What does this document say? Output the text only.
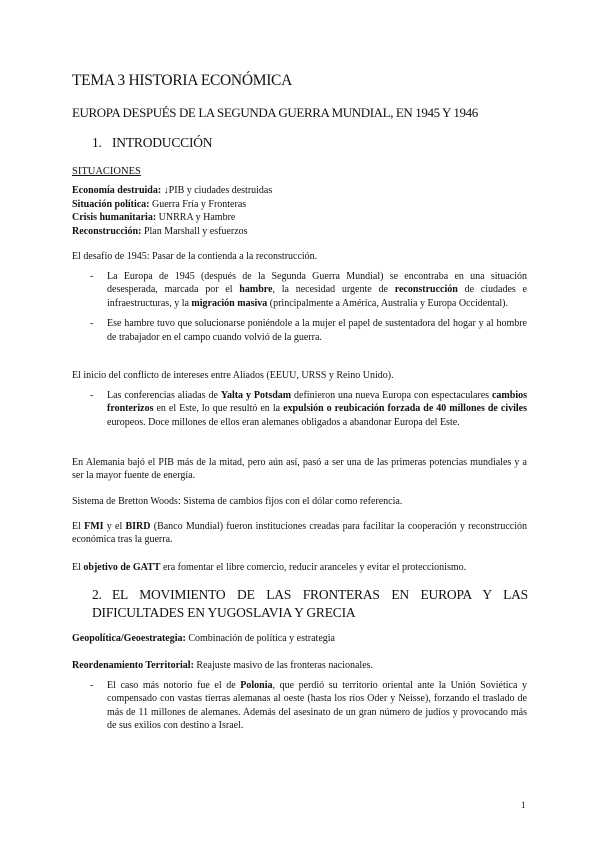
TEMA 3 HISTORIA ECONÓMICA
EUROPA DESPUÉS DE LA SEGUNDA GUERRA MUNDIAL, EN 1945 Y 1946
1. INTRODUCCIÓN
SITUACIONES
Economía destruida: ↓PIB y ciudades destruidas
Situación política: Guerra Fría y Fronteras
Crisis humanitaria: UNRRA y Hambre
Reconstrucción: Plan Marshall y esfuerzos
El desafío de 1945: Pasar de la contienda a la reconstrucción.
- La Europa de 1945 (después de la Segunda Guerra Mundial) se encontraba en una situación desesperada, marcada por el hambre, la necesidad urgente de reconstrucción de ciudades e infraestructuras, y la migración masiva (principalmente a América, Australia y Europa Occidental).
- Ese hambre tuvo que solucionarse poniéndole a la mujer el papel de sustentadora del hogar y al hombre de trabajador en el campo cuando volvió de la guerra.
El inicio del conflicto de intereses entre Aliados (EEUU, URSS y Reino Unido).
- Las conferencias aliadas de Yalta y Potsdam definieron una nueva Europa con espectaculares cambios fronterizos en el Este, lo que resultó en la expulsión o reubicación forzada de 40 millones de civiles europeos. Doce millones de ellos eran alemanes obligados a abandonar Europa del Este.
En Alemania bajó el PIB más de la mitad, pero aún así, pasó a ser una de las primeras potencias mundiales y a ser la mayor fuente de energía.
Sistema de Bretton Woods: Sistema de cambios fijos con el dólar como referencia.
El FMI y el BIRD (Banco Mundial) fueron instituciones creadas para facilitar la cooperación y reconstrucción económica tras la guerra.
El objetivo de GATT era fomentar el libre comercio, reducir aranceles y evitar el proteccionismo.
2. EL MOVIMIENTO DE LAS FRONTERAS EN EUROPA Y LAS DIFICULTADES EN YUGOSLAVIA Y GRECIA
Geopolítica/Geoestrategia: Combinación de política y estrategia
Reordenamiento Territorial: Reajuste masivo de las fronteras nacionales.
- El caso más notorio fue el de Polonia, que perdió su territorio oriental ante la Unión Soviética y compensado con vastas tierras alemanas al oeste (hasta los ríos Oder y Neisse), forzando el traslado de más de 11 millones de alemanes. Además del asesinato de un gran número de judíos y provocando más de sus exilios con destino a Israel.
1
